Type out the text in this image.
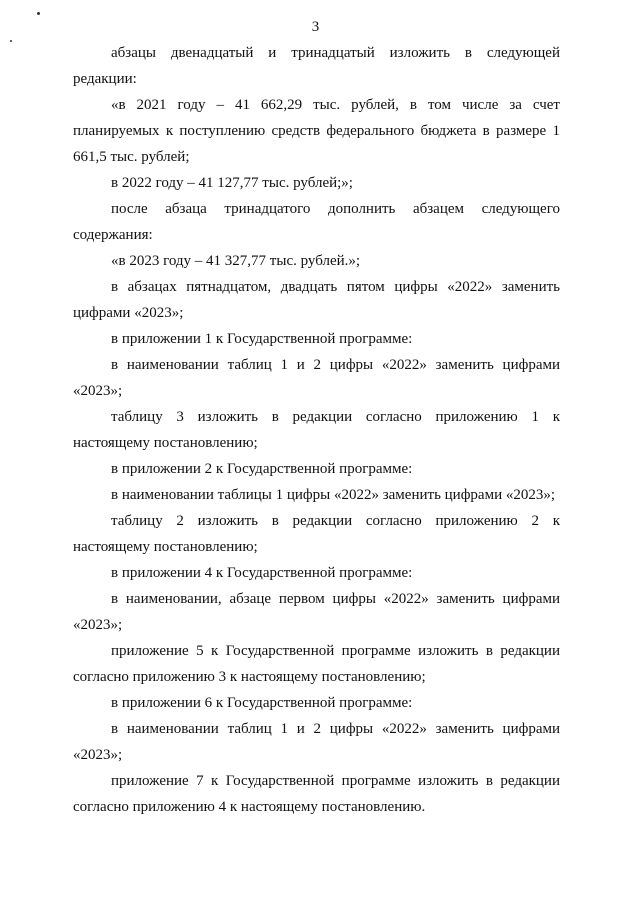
3

абзацы двенадцатый и тринадцатый изложить в следующей редакции:

«в 2021 году – 41 662,29 тыс. рублей, в том числе за счет планируемых к поступлению средств федерального бюджета в размере 1 661,5 тыс. рублей;

в 2022 году – 41 127,77 тыс. рублей;»;

после абзаца тринадцатого дополнить абзацем следующего содержания:

«в 2023 году – 41 327,77 тыс. рублей.»;

в абзацах пятнадцатом, двадцать пятом цифры «2022» заменить цифрами «2023»;

в приложении 1 к Государственной программе:

в наименовании таблиц 1 и 2 цифры «2022» заменить цифрами «2023»;

таблицу 3 изложить в редакции согласно приложению 1 к настоящему постановлению;

в приложении 2 к Государственной программе:

в наименовании таблицы 1 цифры «2022» заменить цифрами «2023»;

таблицу 2 изложить в редакции согласно приложению 2 к настоящему постановлению;

в приложении 4 к Государственной программе:

в наименовании, абзаце первом цифры «2022» заменить цифрами «2023»;

приложение 5 к Государственной программе изложить в редакции согласно приложению 3 к настоящему постановлению;

в приложении 6 к Государственной программе:

в наименовании таблиц 1 и 2 цифры «2022» заменить цифрами «2023»;

приложение 7 к Государственной программе изложить в редакции согласно приложению 4 к настоящему постановлению.
